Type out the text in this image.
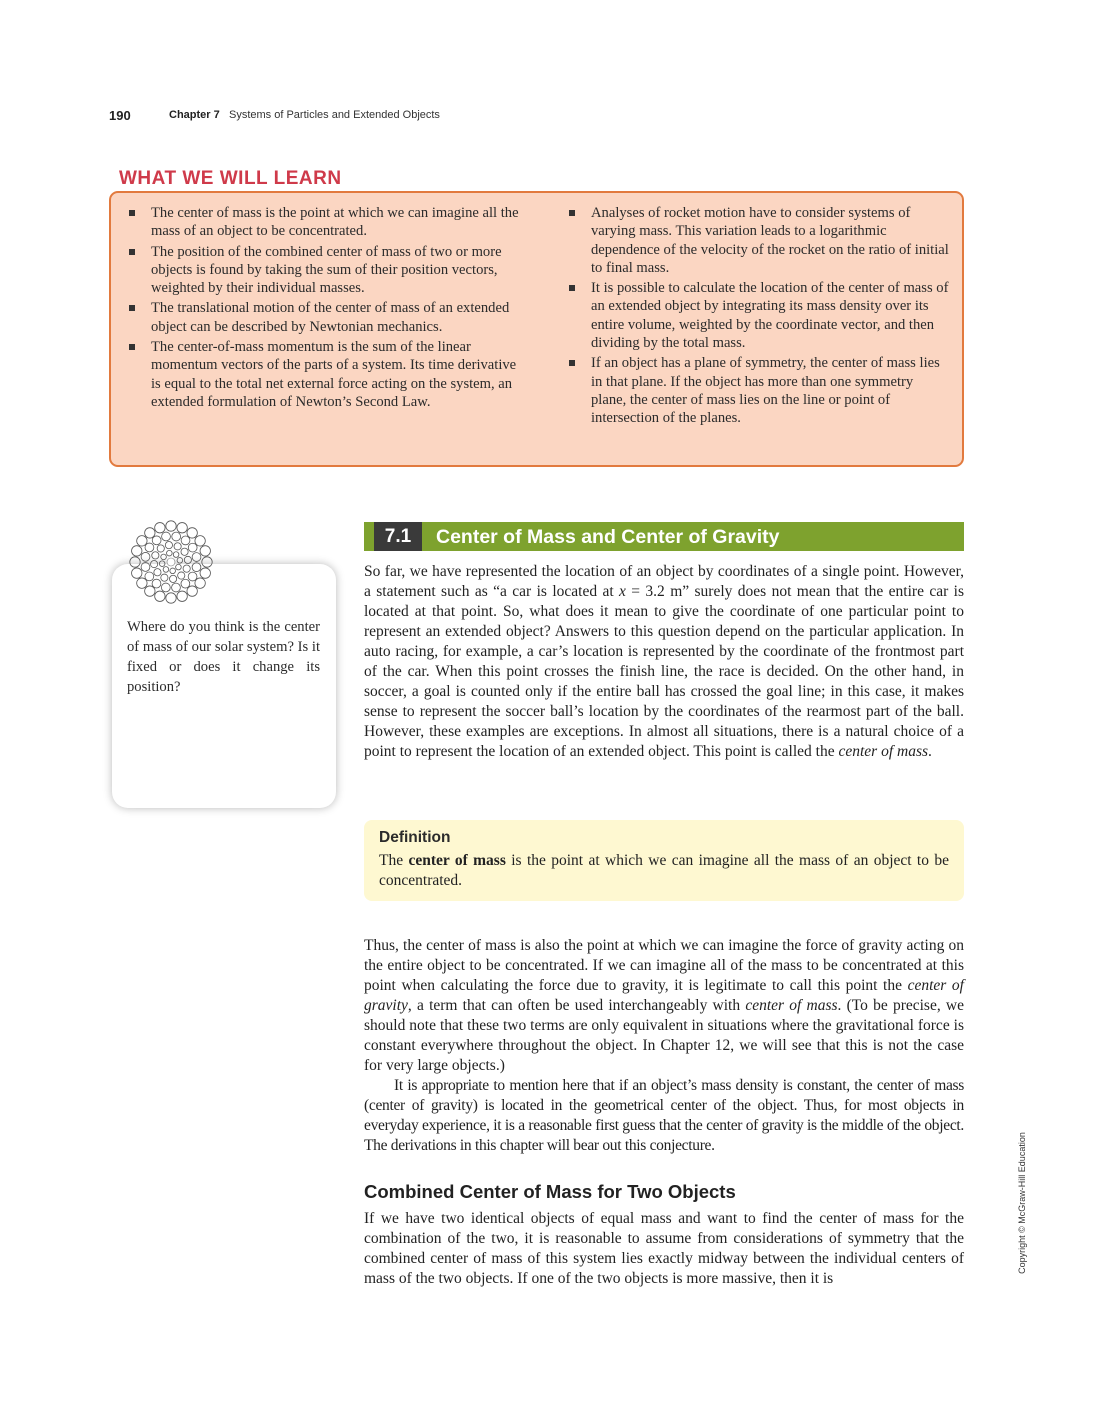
190	Chapter 7 Systems of Particles and Extended Objects
WHAT WE WILL LEARN
The center of mass is the point at which we can imagine all the mass of an object to be concentrated.
The position of the combined center of mass of two or more objects is found by taking the sum of their position vectors, weighted by their individual masses.
The translational motion of the center of mass of an extended object can be described by Newtonian mechanics.
The center-of-mass momentum is the sum of the linear momentum vectors of the parts of a system. Its time derivative is equal to the total net external force acting on the system, an extended formulation of Newton’s Second Law.
Analyses of rocket motion have to consider systems of varying mass. This variation leads to a logarithmic dependence of the velocity of the rocket on the ratio of initial to final mass.
It is possible to calculate the location of the center of mass of an extended object by integrating its mass density over its entire volume, weighted by the coordinate vector, and then dividing by the total mass.
If an object has a plane of symmetry, the center of mass lies in that plane. If the object has more than one symmetry plane, the center of mass lies on the line or point of intersection of the planes.
Where do you think is the center of mass of our solar system? Is it fixed or does it change its position?
7.1	Center of Mass and Center of Gravity

So far, we have represented the location of an object by coordinates of a single point. However, a statement such as “a car is located at x = 3.2 m” surely does not mean that the entire car is located at that point. So, what does it mean to give the coordinate of one particular point to represent an extended object? Answers to this question depend on the particular application. In auto racing, for example, a car’s location is represented by the coordinate of the frontmost part of the car. When this point crosses the finish line, the race is decided. On the other hand, in soccer, a goal is counted only if the entire ball has crossed the goal line; in this case, it makes sense to represent the soccer ball’s location by the coordinates of the rearmost part of the ball. However, these examples are exceptions. In almost all situations, there is a natural choice of a point to represent the location of an extended object. This point is called the center of mass.

Definition
The center of mass is the point at which we can imagine all the mass of an object to be concentrated.

Thus, the center of mass is also the point at which we can imagine the force of gravity acting on the entire object to be concentrated. If we can imagine all of the mass to be concentrated at this point when calculating the force due to gravity, it is legitimate to call this point the center of gravity, a term that can often be used interchangeably with center of mass. (To be precise, we should note that these two terms are only equivalent in situations where the gravitational force is constant everywhere throughout the object. In Chapter 12, we will see that this is not the case for very large objects.)

It is appropriate to mention here that if an object’s mass density is constant, the center of mass (center of gravity) is located in the geometrical center of the object. Thus, for most objects in everyday experience, it is a reasonable first guess that the center of gravity is the middle of the object. The derivations in this chapter will bear out this conjecture.

Combined Center of Mass for Two Objects

If we have two identical objects of equal mass and want to find the center of mass for the combination of the two, it is reasonable to assume from considerations of symmetry that the combined center of mass of this system lies exactly midway between the individual centers of mass of the two objects. If one of the two objects is more massive, then it is

Copyright © McGraw-Hill Education
